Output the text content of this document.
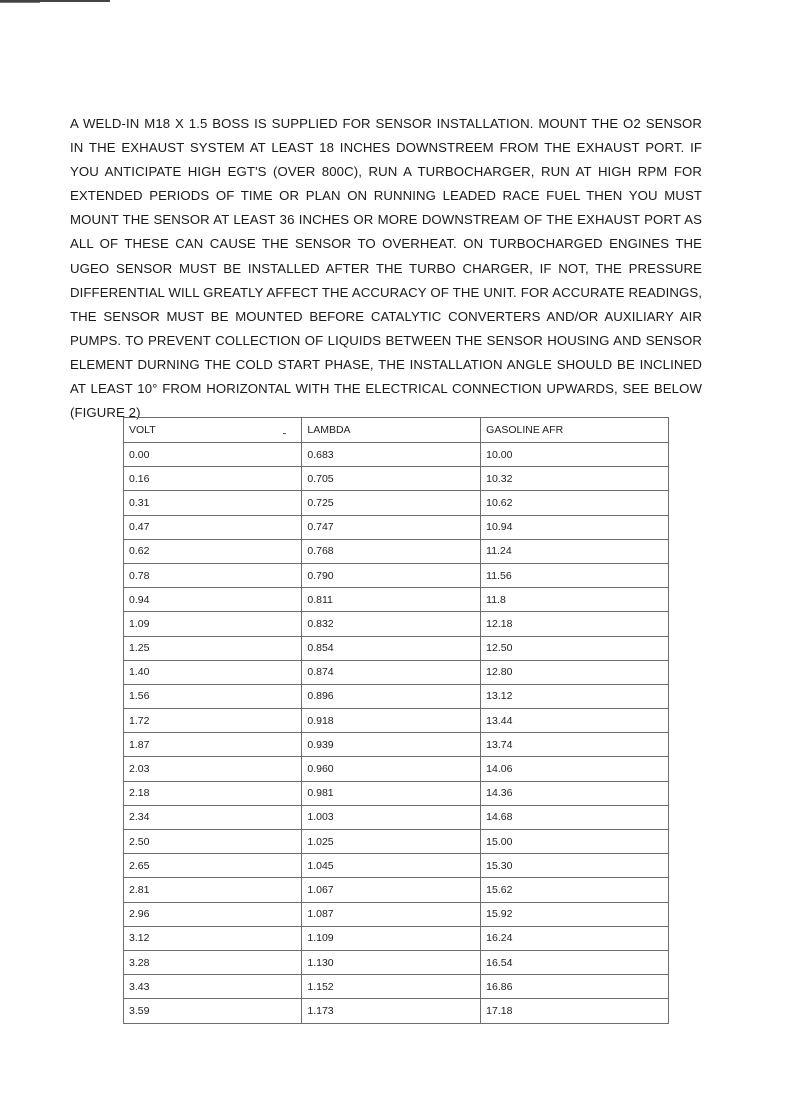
A WELD-IN M18 X 1.5 BOSS IS SUPPLIED FOR SENSOR INSTALLATION. MOUNT THE O2 SENSOR IN THE EXHAUST SYSTEM AT LEAST 18 INCHES DOWNSTREEM FROM THE EXHAUST PORT. IF YOU ANTICIPATE HIGH EGT'S (OVER 800C), RUN A TURBOCHARGER, RUN AT HIGH RPM FOR EXTENDED PERIODS OF TIME OR PLAN ON RUNNING LEADED RACE FUEL THEN YOU MUST MOUNT THE SENSOR AT LEAST 36 INCHES OR MORE DOWNSTREAM OF THE EXHAUST PORT AS ALL OF THESE CAN CAUSE THE SENSOR TO OVERHEAT. ON TURBOCHARGED ENGINES THE UGEO SENSOR MUST BE INSTALLED AFTER THE TURBO CHARGER, IF NOT, THE PRESSURE DIFFERENTIAL WILL GREATLY AFFECT THE ACCURACY OF THE UNIT. FOR ACCURATE READINGS, THE SENSOR MUST BE MOUNTED BEFORE CATALYTIC CONVERTERS AND/OR AUXILIARY AIR PUMPS. TO PREVENT COLLECTION OF LIQUIDS BETWEEN THE SENSOR HOUSING AND SENSOR ELEMENT DURNING THE COLD START PHASE, THE INSTALLATION ANGLE SHOULD BE INCLINED AT LEAST 10° FROM HORIZONTAL WITH THE ELECTRICAL CONNECTION UPWARDS, SEE BELOW (FIGURE 2)

VOLT	LAMBDA	GASOLINE AFR
0.00	0.683	10.00
0.16	0.705	10.32
0.31	0.725	10.62
0.47	0.747	10.94
0.62	0.768	11.24
0.78	0.790	11.56
0.94	0.811	11.8
1.09	0.832	12.18
1.25	0.854	12.50
1.40	0.874	12.80
1.56	0.896	13.12
1.72	0.918	13.44
1.87	0.939	13.74
2.03	0.960	14.06
2.18	0.981	14.36
2.34	1.003	14.68
2.50	1.025	15.00
2.65	1.045	15.30
2.81	1.067	15.62
2.96	1.087	15.92
3.12	1.109	16.24
3.28	1.130	16.54
3.43	1.152	16.86
3.59	1.173	17.18
